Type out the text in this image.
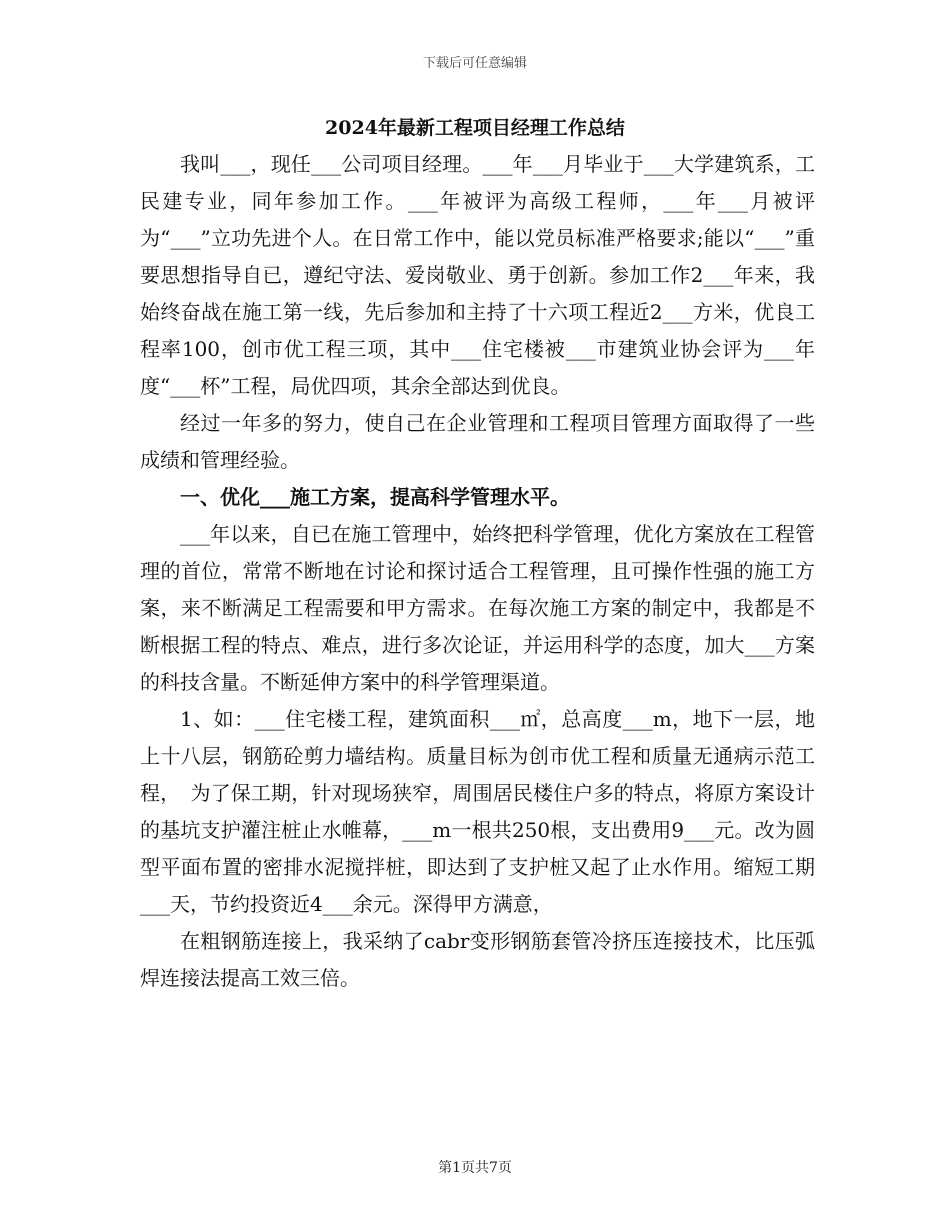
下载后可任意编辑
2024年最新工程项目经理工作总结

我叫___，现任___公司项目经理。___年___月毕业于___大学建筑系，工民建专业，同年参加工作。___年被评为高级工程师，___年___月被评为“___”立功先进个人。在日常工作中，能以党员标准严格要求;能以“___”重要思想指导自已，遵纪守法、爱岗敬业、勇于创新。参加工作2___年来，我始终奋战在施工第一线，先后参加和主持了十六项工程近2___方米，优良工程率100，创市优工程三项，其中___住宅楼被___市建筑业协会评为___年度“___杯”工程，局优四项，其余全部达到优良。

经过一年多的努力，使自己在企业管理和工程项目管理方面取得了一些成绩和管理经验。

一、优化___施工方案，提高科学管理水平。

___年以来，自已在施工管理中，始终把科学管理，优化方案放在工程管理的首位，常常不断地在讨论和探讨适合工程管理，且可操作性强的施工方案，来不断满足工程需要和甲方需求。在每次施工方案的制定中，我都是不断根据工程的特点、难点，进行多次论证，并运用科学的态度，加大___方案的科技含量。不断延伸方案中的科学管理渠道。

1、如：___住宅楼工程，建筑面积___㎡，总高度___m，地下一层，地上十八层，钢筋砼剪力墙结构。质量目标为创市优工程和质量无通病示范工程，　为了保工期，针对现场狭窄，周围居民楼住户多的特点，将原方案设计的基坑支护灌注桩止水帷幕，___m一根共250根，支出费用9___元。改为圆型平面布置的密排水泥搅拌桩，即达到了支护桩又起了止水作用。缩短工期___天，节约投资近4___余元。深得甲方满意，

在粗钢筋连接上，我采纳了cabr变形钢筋套管冷挤压连接技术，比压弧焊连接法提高工效三倍。

第1页共7页
